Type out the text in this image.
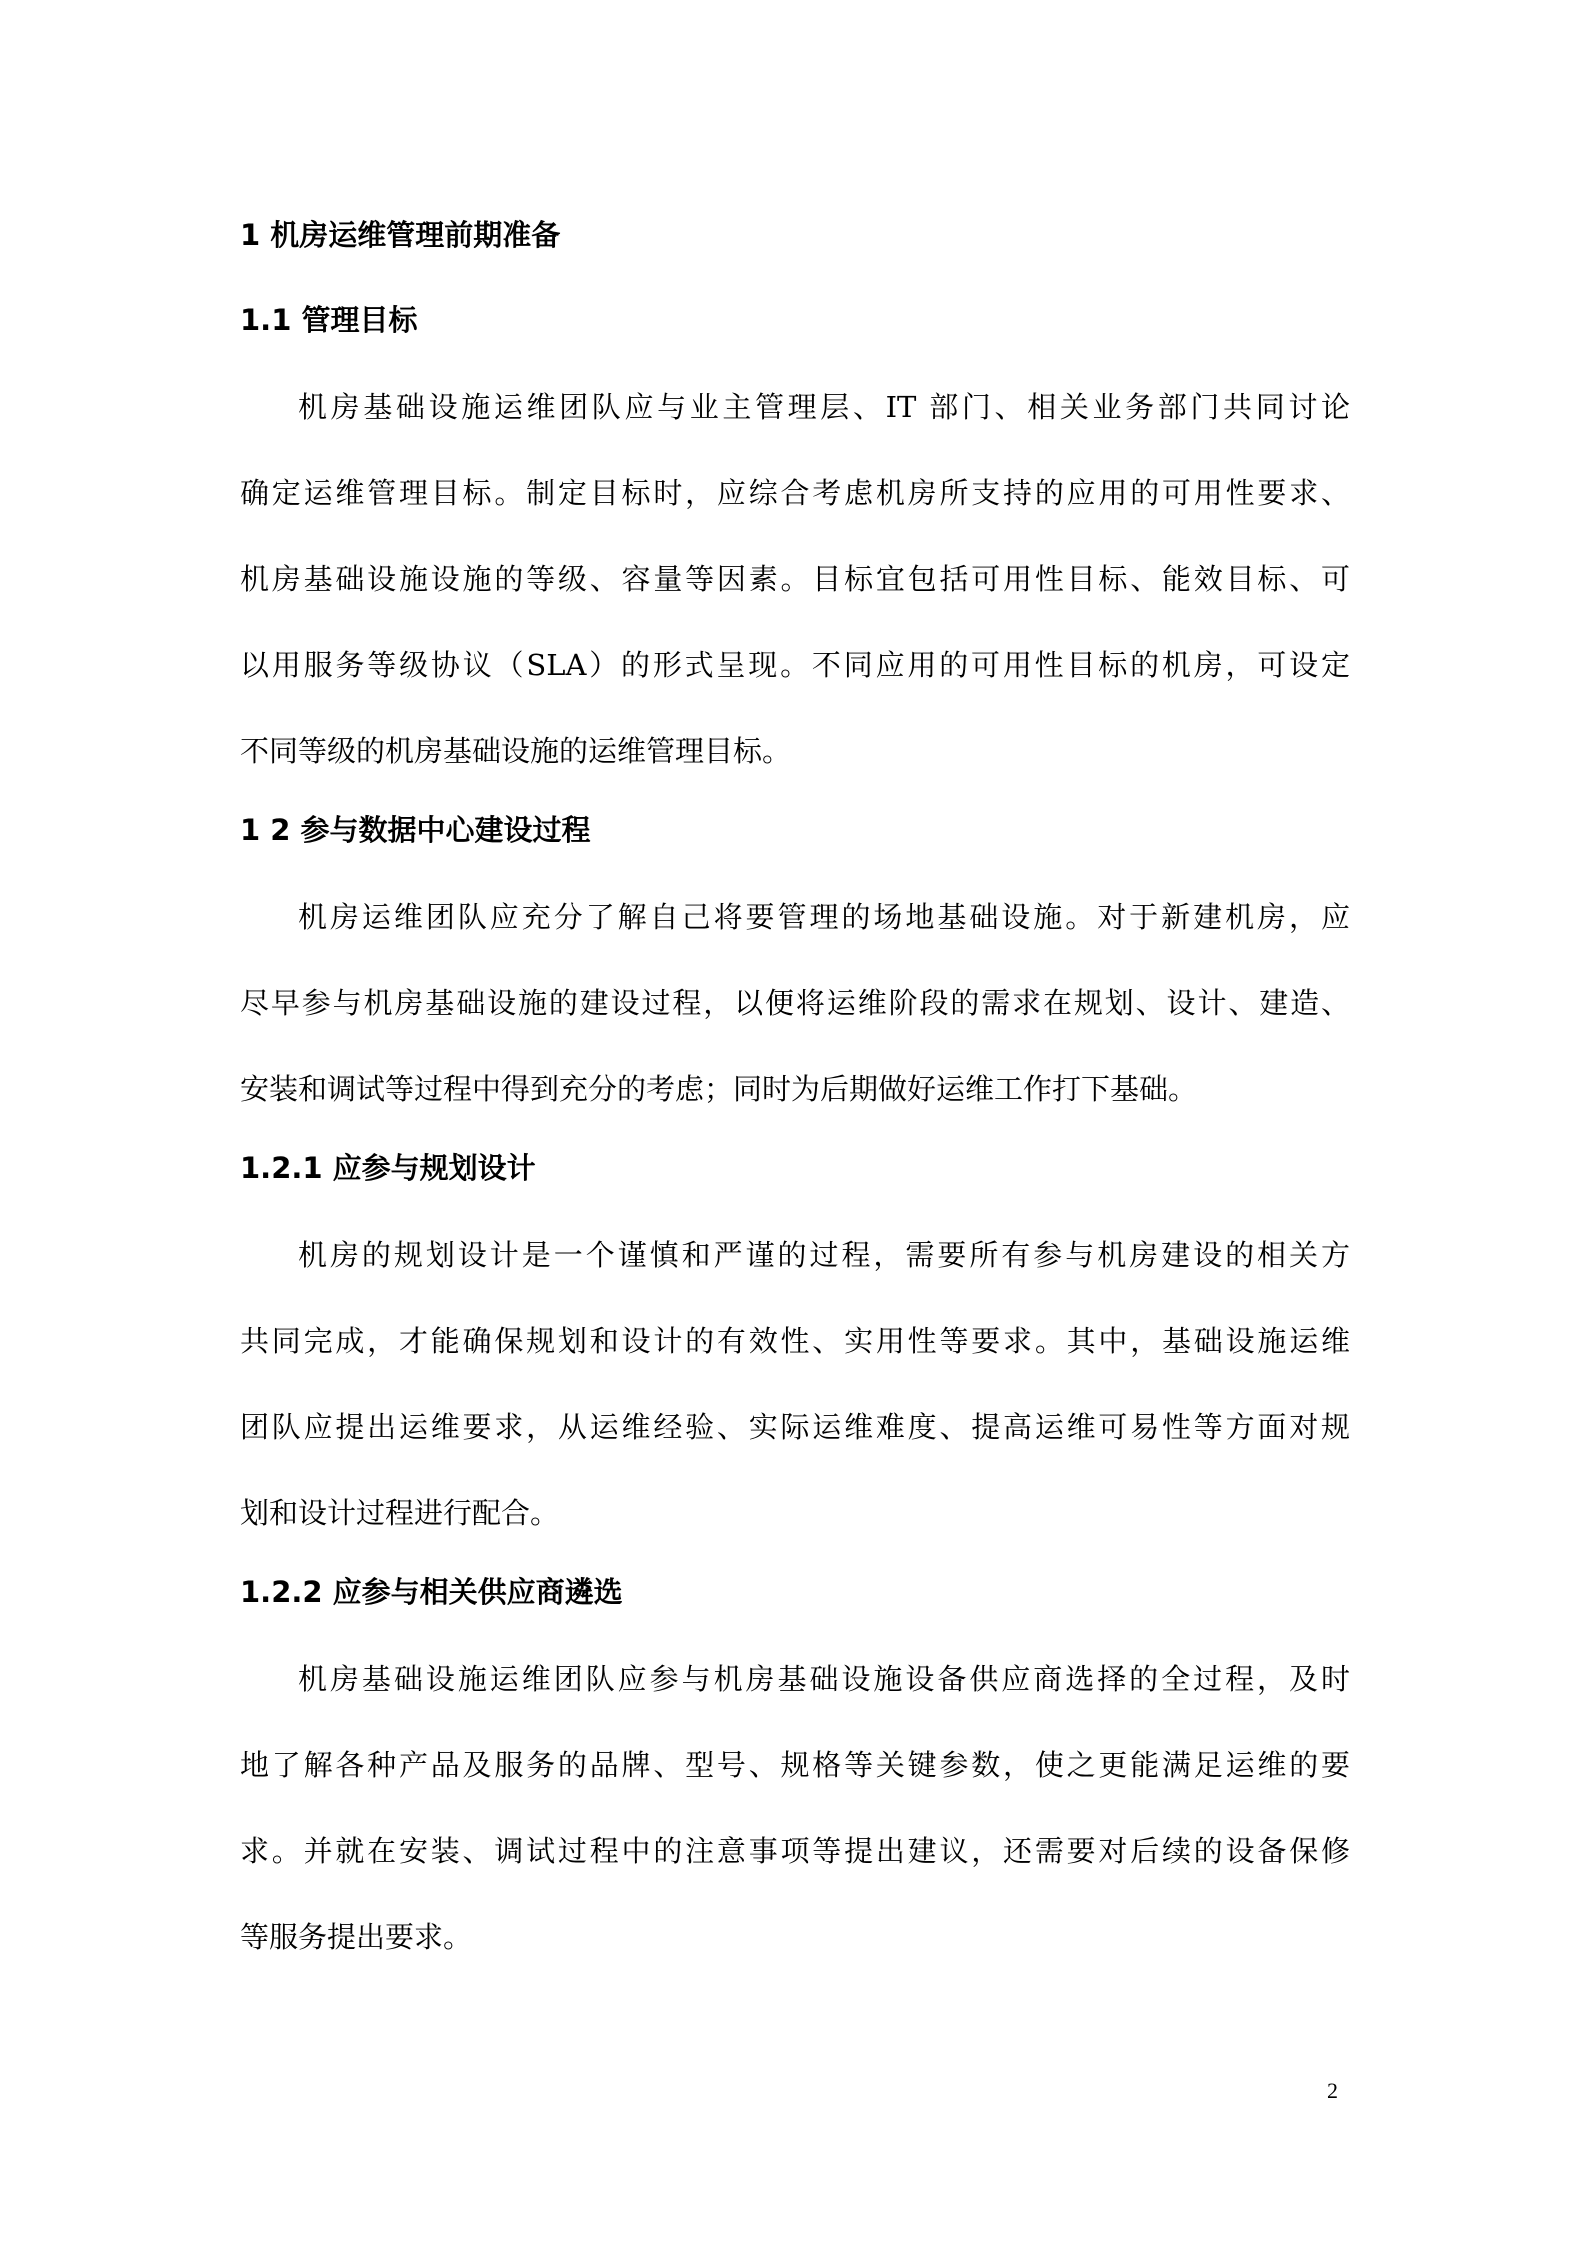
1 机房运维管理前期准备
1.1 管理目标
机房基础设施运维团队应与业主管理层、IT 部门、相关业务部门共同讨论
确定运维管理目标。制定目标时，应综合考虑机房所支持的应用的可用性要求、
机房基础设施设施的等级、容量等因素。目标宜包括可用性目标、能效目标、可
以用服务等级协议（SLA）的形式呈现。不同应用的可用性目标的机房，可设定
不同等级的机房基础设施的运维管理目标。
1 2 参与数据中心建设过程
机房运维团队应充分了解自己将要管理的场地基础设施。对于新建机房，应
尽早参与机房基础设施的建设过程，以便将运维阶段的需求在规划、设计、建造、
安装和调试等过程中得到充分的考虑；同时为后期做好运维工作打下基础。
1.2.1 应参与规划设计
机房的规划设计是一个谨慎和严谨的过程，需要所有参与机房建设的相关方
共同完成，才能确保规划和设计的有效性、实用性等要求。其中，基础设施运维
团队应提出运维要求，从运维经验、实际运维难度、提高运维可易性等方面对规
划和设计过程进行配合。
1.2.2 应参与相关供应商遴选
机房基础设施运维团队应参与机房基础设施设备供应商选择的全过程，及时
地了解各种产品及服务的品牌、型号、规格等关键参数，使之更能满足运维的要
求。并就在安装、调试过程中的注意事项等提出建议，还需要对后续的设备保修
等服务提出要求。
2
